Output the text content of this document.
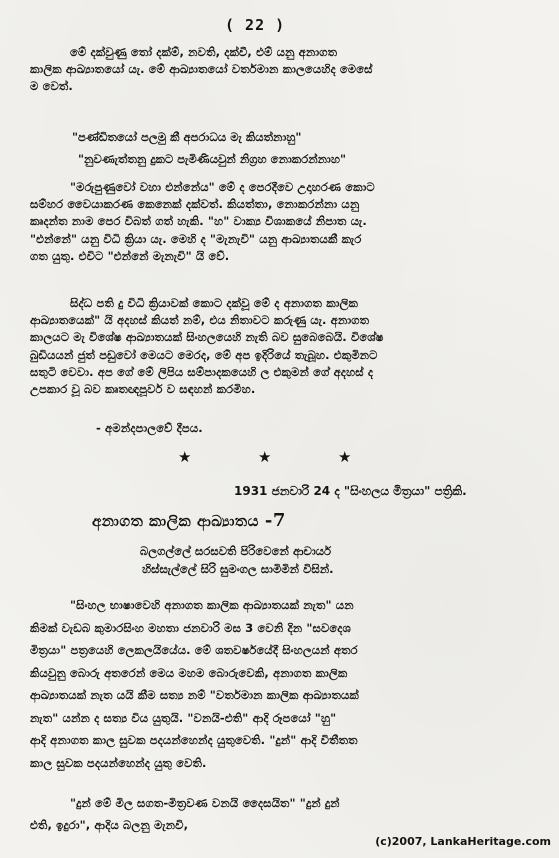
( 22 )
මේ දක්වුණු තෝ දක්ම්, නවති, දක්වී, එම් යනු අනාගත
කාලික ආඛ්‍යාතයෝ යැ. මේ ආඛ්‍යාතයෝ වර්තමාන කාලයෙහිද මෙසේ
ම වෙත්.
"පණ්ඩිතයෝ පලමු කී අපරාධය මැ කියත්නාහු"
"නුවණැත්තනු දුකට පැමිණියවුන් නිග්‍රහ නොකරන්නාහ"
"මරුපුණුවෝ වහා එන්නේය" මේ ද පෙරදීවෙ උදාහරණ කොට
සම්හර වෛයාකරණ කෙනෙක් දක්වත්. කියත්තා, නොකරන්නා යනු
කෘදන්ත නාම පෙර විබත් ගත් හැකි. "හ" වාක්‍ය විශාකයේ නිපාත යැ.
"එන්නේ" යනු විධි ක්‍රියා යැ. මෙහි ද "මැනැවි" යනු ආඛ්‍යාතයකී කැර
ගත යුතු. එවිට "එන්නේ මැනැවි" යි වේ.
සිද්ධ පති දු විධි ක්‍රියාවක් කොට දක්වූ මේ ද අනාගත කාලික
ආඛ්‍යාතයෙක්" යි අදහස් කියත් නම්, එය නිතාවට කරුණු යැ. අනාගත
කාලයට මැ විශේෂ ආඛ්‍යාතයක් සිංහලයෙහි නැති බව සුබෙබෙයි. විශේෂ
බුඩියයන් ජුත් පඩුවෝ මෙයට මෙරද, මේ අප ඉදිරියේ තැබූහ. එකුමිනට
සතුටි වෙවා. අප ගේ මේ ලිපිය සම්පාදකයෙහි ල එකුමන් ගේ අදහස් ද
උපකාර වූ බව කෘතඥපූර්ව ව සඳහන් කරමිහ.
- අමන්දපාලවේ දීපය.
★	★	★
1931 ජනවාරි 24 ද "සිංහලය මිත්‍රයා" පත්‍රිකි.
අනාගත කාලික ආඛ්‍යාතය -7
බලගල්ලේ සරසවති පිරිවෙනේ ආචාර්ය
හිස්සැල්ලේ සිරි සුමංගල සාමිමින් විසින්.
"සිංහල භාෂාවෙහි අනාගත කාලික ආඛ්‍යාතයක් නැත" යන
කිමක් වැඩබ කුමාරසිංහ මහතා ජනවාරි මස 3 වෙනි දින "සවදෙශ
මිත්‍රයා" පත්‍රයෙහි ලෙකලයියේය. මේ ශතවර්ෂයේදී සිංහලයන් අතර
කියවුනු බොරු අතරෙන් මෙය මහම බොරුවෙකි, අනාගත කාලික
ආඛ්‍යාතයක් නැත යයි කීම සත්‍ය නම් "වර්තමාන කාලික ආඛ්‍යාතයක්
නැත" යන්න ද සත්‍ය විය යුතුයි. "වනයි-එති" ආදි රූපයෝ "හු"
ආදි අනාගත කාල සුවක පදයන්හෙන්ද යුතුවෙති. "දුන්" ආදි විතීතත
කාල සුවක පදයන්හෙන්ද යුතු වෙති.
"දුන් මේ මිල සගත-මිත්‍රවණ වනයි දෛසයිත" "දුන් දුන්
එති, ඉදුරා", ආදිය බලනු මැනවි,
(c)2007, LankaHeritage.com
